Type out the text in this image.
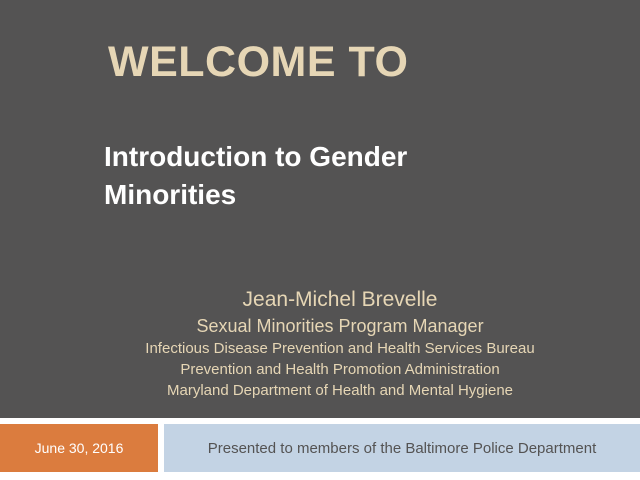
WELCOME TO
Introduction to Gender
Minorities
Jean-Michel Brevelle
Sexual Minorities Program Manager
Infectious Disease Prevention and Health Services Bureau
Prevention and Health Promotion Administration
Maryland Department of Health and Mental Hygiene
June 30, 2016	Presented to members of the Baltimore Police Department
